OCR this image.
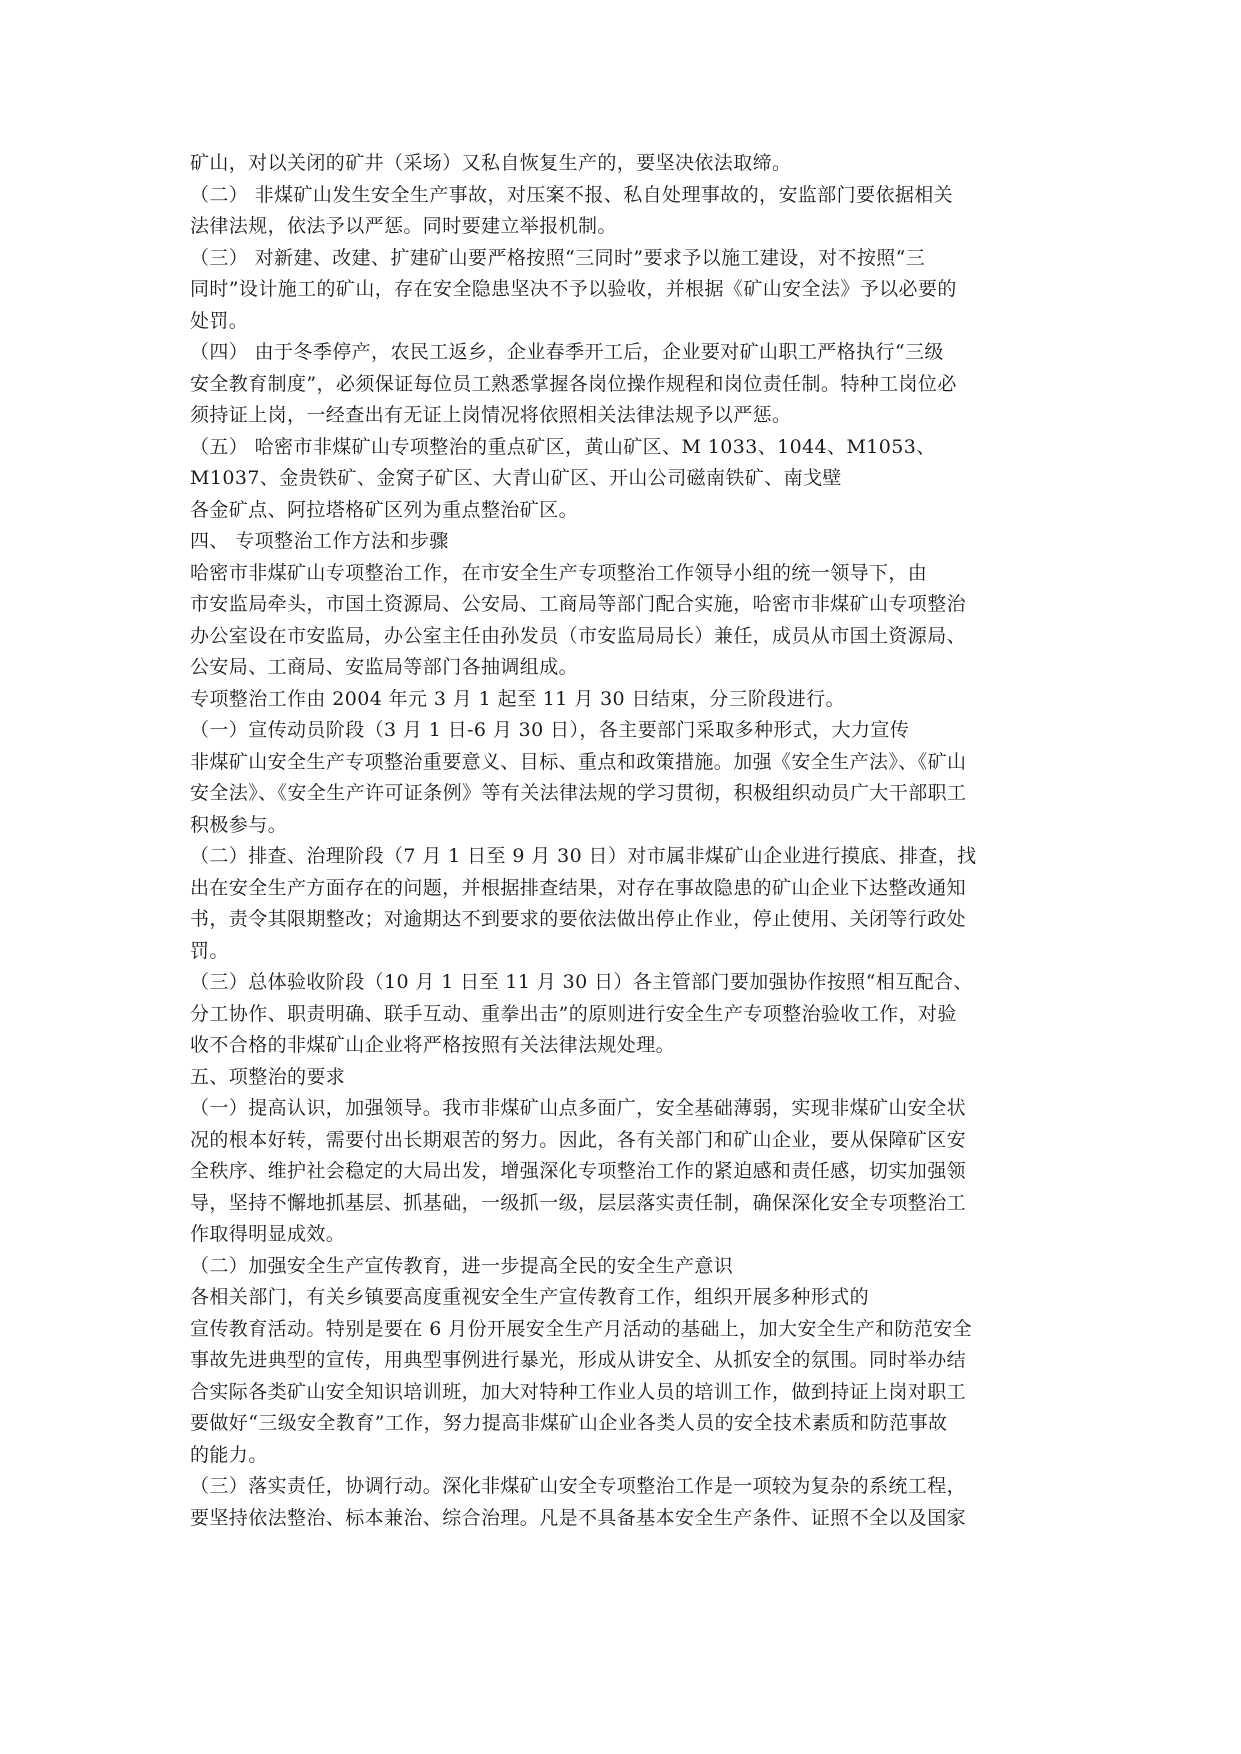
矿山，对以关闭的矿井（采场）又私自恢复生产的，要坚决依法取缔。
（二） 非煤矿山发生安全生产事故，对压案不报、私自处理事故的，安监部门要依据相关
法律法规，依法予以严惩。同时要建立举报机制。
（三） 对新建、改建、扩建矿山要严格按照“三同时”要求予以施工建设，对不按照“三
同时”设计施工的矿山，存在安全隐患坚决不予以验收，并根据《矿山安全法》予以必要的
处罚。
（四） 由于冬季停产，农民工返乡，企业春季开工后，企业要对矿山职工严格执行“三级
安全教育制度”，必须保证每位员工熟悉掌握各岗位操作规程和岗位责任制。特种工岗位必
须持证上岗，一经查出有无证上岗情况将依照相关法律法规予以严惩。
（五） 哈密市非煤矿山专项整治的重点矿区，黄山矿区、M 1033、1044、M1053、
M1037、金贵铁矿、金窝子矿区、大青山矿区、开山公司磁南铁矿、南戈壁
各金矿点、阿拉塔格矿区列为重点整治矿区。
四、 专项整治工作方法和步骤
哈密市非煤矿山专项整治工作，在市安全生产专项整治工作领导小组的统一领导下，由
市安监局牵头，市国土资源局、公安局、工商局等部门配合实施，哈密市非煤矿山专项整治
办公室设在市安监局，办公室主任由孙发员（市安监局局长）兼任，成员从市国土资源局、
公安局、工商局、安监局等部门各抽调组成。
专项整治工作由 2004 年元 3 月 1 起至 11 月 30 日结束，分三阶段进行。
（一）宣传动员阶段（3 月 1 日-6 月 30 日），各主要部门采取多种形式，大力宣传
非煤矿山安全生产专项整治重要意义、目标、重点和政策措施。加强《安全生产法》、《矿山
安全法》、《安全生产许可证条例》等有关法律法规的学习贯彻，积极组织动员广大干部职工
积极参与。
（二）排查、治理阶段（7 月 1 日至 9 月 30 日）对市属非煤矿山企业进行摸底、排查，找
出在安全生产方面存在的问题，并根据排查结果，对存在事故隐患的矿山企业下达整改通知
书，责令其限期整改；对逾期达不到要求的要依法做出停止作业，停止使用、关闭等行政处
罚。
（三）总体验收阶段（10 月 1 日至 11 月 30 日）各主管部门要加强协作按照“相互配合、
分工协作、职责明确、联手互动、重拳出击”的原则进行安全生产专项整治验收工作，对验
收不合格的非煤矿山企业将严格按照有关法律法规处理。
五、项整治的要求
（一）提高认识，加强领导。我市非煤矿山点多面广，安全基础薄弱，实现非煤矿山安全状
况的根本好转，需要付出长期艰苦的努力。因此，各有关部门和矿山企业，要从保障矿区安
全秩序、维护社会稳定的大局出发，增强深化专项整治工作的紧迫感和责任感，切实加强领
导，坚持不懈地抓基层、抓基础，一级抓一级，层层落实责任制，确保深化安全专项整治工
作取得明显成效。
（二）加强安全生产宣传教育，进一步提高全民的安全生产意识
各相关部门，有关乡镇要高度重视安全生产宣传教育工作，组织开展多种形式的
宣传教育活动。特别是要在 6 月份开展安全生产月活动的基础上，加大安全生产和防范安全
事故先进典型的宣传，用典型事例进行暴光，形成从讲安全、从抓安全的氛围。同时举办结
合实际各类矿山安全知识培训班，加大对特种工作业人员的培训工作，做到持证上岗对职工
要做好“三级安全教育”工作，努力提高非煤矿山企业各类人员的安全技术素质和防范事故
的能力。
（三）落实责任，协调行动。深化非煤矿山安全专项整治工作是一项较为复杂的系统工程，
要坚持依法整治、标本兼治、综合治理。凡是不具备基本安全生产条件、证照不全以及国家
